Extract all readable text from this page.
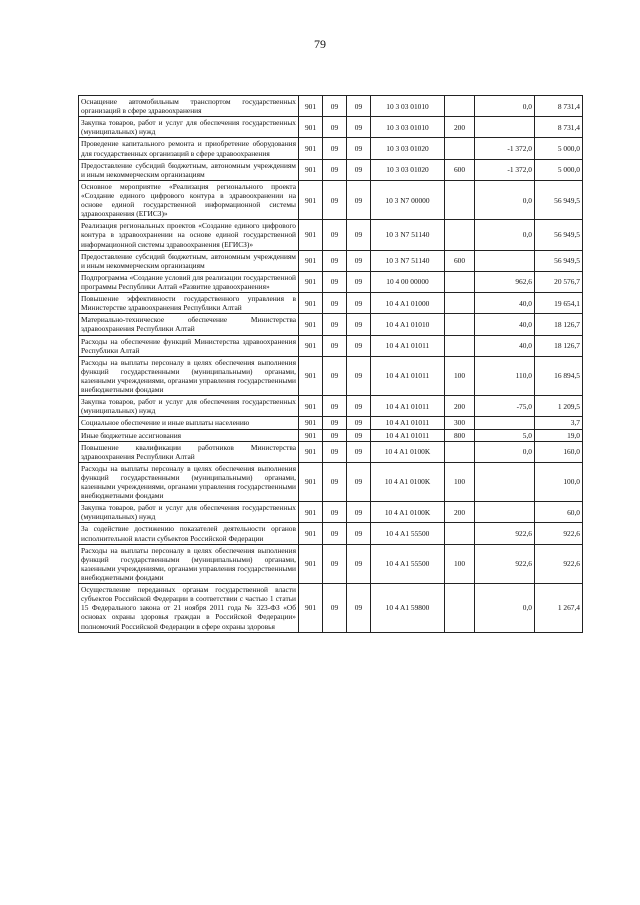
79
Оснащение автомобильным транспортом государственных организаций в сфере здравоохранения	901	09	09	10 3 03 01010		0,0	8 731,4
Закупка товаров, работ и услуг для обеспечения государственных (муниципальных) нужд	901	09	09	10 3 03 01010	200		8 731,4
Проведение капитального ремонта и приобретение оборудования для государственных организаций в сфере здравоохранения	901	09	09	10 3 03 01020		-1 372,0	5 000,0
Предоставление субсидий бюджетным, автономным учреждениям и иным некоммерческим организациям	901	09	09	10 3 03 01020	600	-1 372,0	5 000,0
Основное мероприятие «Реализация регионального проекта «Создание единого цифрового контура в здравоохранении на основе единой государственной информационной системы здравоохранения (ЕГИСЗ)»	901	09	09	10 3 N7 00000		0,0	56 949,5
Реализация региональных проектов «Создание единого цифрового контура в здравоохранении на основе единой государственной информационной системы здравоохранения (ЕГИСЗ)»	901	09	09	10 3 N7 51140		0,0	56 949,5
Предоставление субсидий бюджетным, автономным учреждениям и иным некоммерческим организациям	901	09	09	10 3 N7 51140	600		56 949,5
Подпрограмма «Создание условий для реализации государственной программы Республики Алтай «Развитие здравоохранения»	901	09	09	10 4 00 00000		962,6	20 576,7
Повышение эффективности государственного управления в Министерстве здравоохранения Республики Алтай	901	09	09	10 4 A1 01000		40,0	19 654,1
Материально-техническое обеспечение Министерства здравоохранения Республики Алтай	901	09	09	10 4 A1 01010		40,0	18 126,7
Расходы на обеспечение функций Министерства здравоохранения Республики Алтай	901	09	09	10 4 A1 01011		40,0	18 126,7
Расходы на выплаты персоналу в целях обеспечения выполнения функций государственными (муниципальными) органами, казенными учреждениями, органами управления государственными внебюджетными фондами	901	09	09	10 4 A1 01011	100	110,0	16 894,5
Закупка товаров, работ и услуг для обеспечения государственных (муниципальных) нужд	901	09	09	10 4 A1 01011	200	-75,0	1 209,5
Социальное обеспечение и иные выплаты населению	901	09	09	10 4 A1 01011	300		3,7
Иные бюджетные ассигнования	901	09	09	10 4 A1 01011	800	5,0	19,0
Повышение квалификации работников Министерства здравоохранения Республики Алтай	901	09	09	10 4 A1 0100K		0,0	160,0
Расходы на выплаты персоналу в целях обеспечения выполнения функций государственными (муниципальными) органами, казенными учреждениями, органами управления государственными внебюджетными фондами	901	09	09	10 4 A1 0100K	100		100,0
Закупка товаров, работ и услуг для обеспечения государственных (муниципальных) нужд	901	09	09	10 4 A1 0100K	200		60,0
За содействие достижению показателей деятельности органов исполнительной власти субъектов Российской Федерации	901	09	09	10 4 A1 55500		922,6	922,6
Расходы на выплаты персоналу в целях обеспечения выполнения функций государственными (муниципальными) органами, казенными учреждениями, органами управления государственными внебюджетными фондами	901	09	09	10 4 A1 55500	100	922,6	922,6
Осуществление переданных органам государственной власти субъектов Российской Федерации в соответствии с частью 1 статьи 15 Федерального закона от 21 ноября 2011 года № 323-ФЗ «Об основах охраны здоровья граждан в Российской Федерации» полномочий Российской Федерации в сфере охраны здоровья	901	09	09	10 4 A1 59800		0,0	1 267,4
